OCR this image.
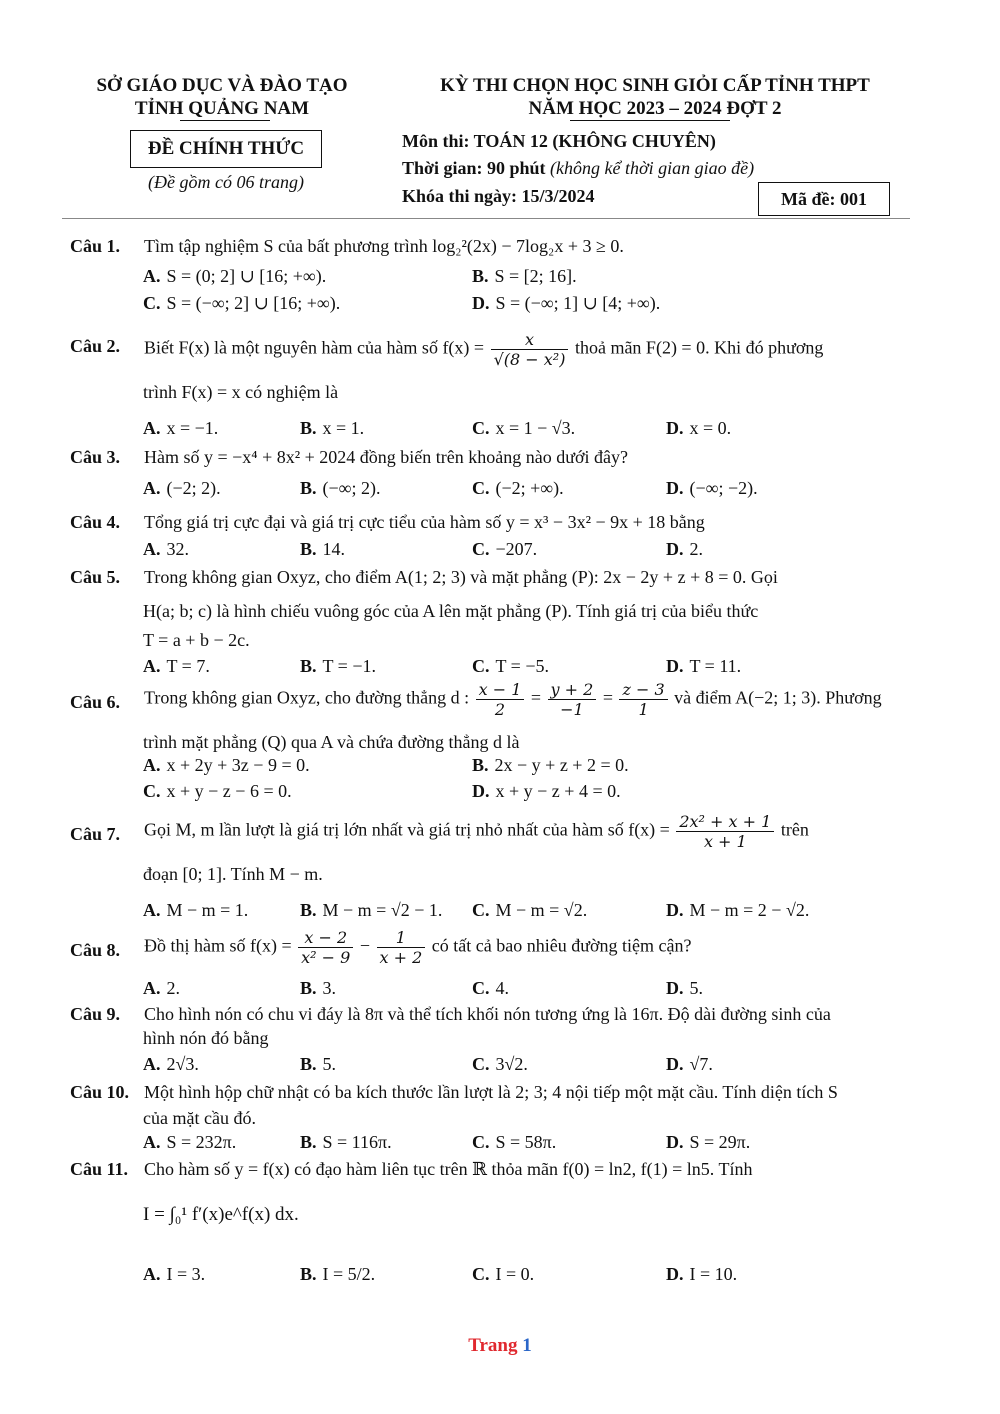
SỞ GIÁO DỤC VÀ ĐÀO TẠO
TỈNH QUẢNG NAM
KỲ THI CHỌN HỌC SINH GIỎI CẤP TỈNH THPT
NĂM HỌC 2023 – 2024 ĐỢT 2
ĐỀ CHÍNH THỨC
(Đề gồm có 06 trang)
Môn thi: TOÁN 12 (KHÔNG CHUYÊN)
Thời gian: 90 phút (không kể thời gian giao đề)
Khóa thi ngày: 15/3/2024	Mã đề: 001
Câu 1. Tìm tập nghiệm S của bất phương trình log₂²(2x) − 7log₂x + 3 ≥ 0.
A. S = (0; 2] ∪ [16; +∞).	B. S = [2; 16].
C. S = (−∞; 2] ∪ [16; +∞).	D. S = (−∞; 1] ∪ [4; +∞).
Câu 2. Biết F(x) là một nguyên hàm của hàm số $f(x) = \frac{x}{\text{√(8 − x²)}}$ thoả mãn F(2) = 0. Khi đó phương
trình F(x) = x có nghiệm là
A. x = −1.	B. x = 1.	C. x = 1 − √3.	D. x = 0.
Câu 3. Hàm số y = −x⁴ + 8x² + 2024 đồng biến trên khoảng nào dưới đây?
A. (−2; 2).	B. (−∞; 2).	C. (−2; +∞).	D. (−∞; −2).
Câu 4. Tổng giá trị cực đại và giá trị cực tiểu của hàm số y = x³ − 3x² − 9x + 18 bằng
A. 32.	B. 14.	C. −207.	D. 2.
Câu 5. Trong không gian Oxyz, cho điểm A(1; 2; 3) và mặt phẳng (P): 2x − 2y + z + 8 = 0. Gọi
H(a; b; c) là hình chiếu vuông góc của A lên mặt phẳng (P). Tính giá trị của biểu thức
T = a + b − 2c.
A. T = 7.	B. T = −1.	C. T = −5.	D. T = 11.
Câu 6. Trong không gian Oxyz, cho đường thẳng d : $\frac{x - 1}{2} = \frac{y + 2}{-1} = \frac{z - 3}{1}$ và điểm A(−2; 1; 3). Phương
trình mặt phẳng (Q) qua A và chứa đường thẳng d là
A. x + 2y + 3z − 9 = 0.	B. 2x − y + z + 2 = 0.
C. x + y − z − 6 = 0.	D. x + y − z + 4 = 0.
Câu 7. Gọi M, m lần lượt là giá trị lớn nhất và giá trị nhỏ nhất của hàm số $f(x) = \frac{\text{2x² + x + 1}}{x + 1}$ trên
đoạn [0; 1]. Tính M − m.
A. M − m = 1.	B. M − m = √2 − 1. C. M − m = √2.	D. M − m = 2 − √2.
Câu 8. Đồ thị hàm số $f(x) = \frac{x - 2}{\text{x² − 9}} - \frac{1}{x + 2}$ có tất cả bao nhiêu đường tiệm cận?
A. 2.	B. 3.	C. 4.	D. 5.
Câu 9. Cho hình nón có chu vi đáy là 8π và thể tích khối nón tương ứng là 16π. Độ dài đường sinh của
hình nón đó bằng
A. 2√3.	B. 5.	C. 3√2.	D. √7.
Câu 10. Một hình hộp chữ nhật có ba kích thước lần lượt là 2; 3; 4 nội tiếp một mặt cầu. Tính diện tích S
của mặt cầu đó.
A. S = 232π.	B. S = 116π.	C. S = 58π.	D. S = 29π.
Câu 11. Cho hàm số y = f(x) có đạo hàm liên tục trên ℝ thỏa mãn f(0) = ln2, f(1) = ln5. Tính
I = ∫₀¹ f′(x)e^f(x) dx.
A. I = 3.	B. I = 5/2.	C. I = 0.	D. I = 10.
Trang 1
